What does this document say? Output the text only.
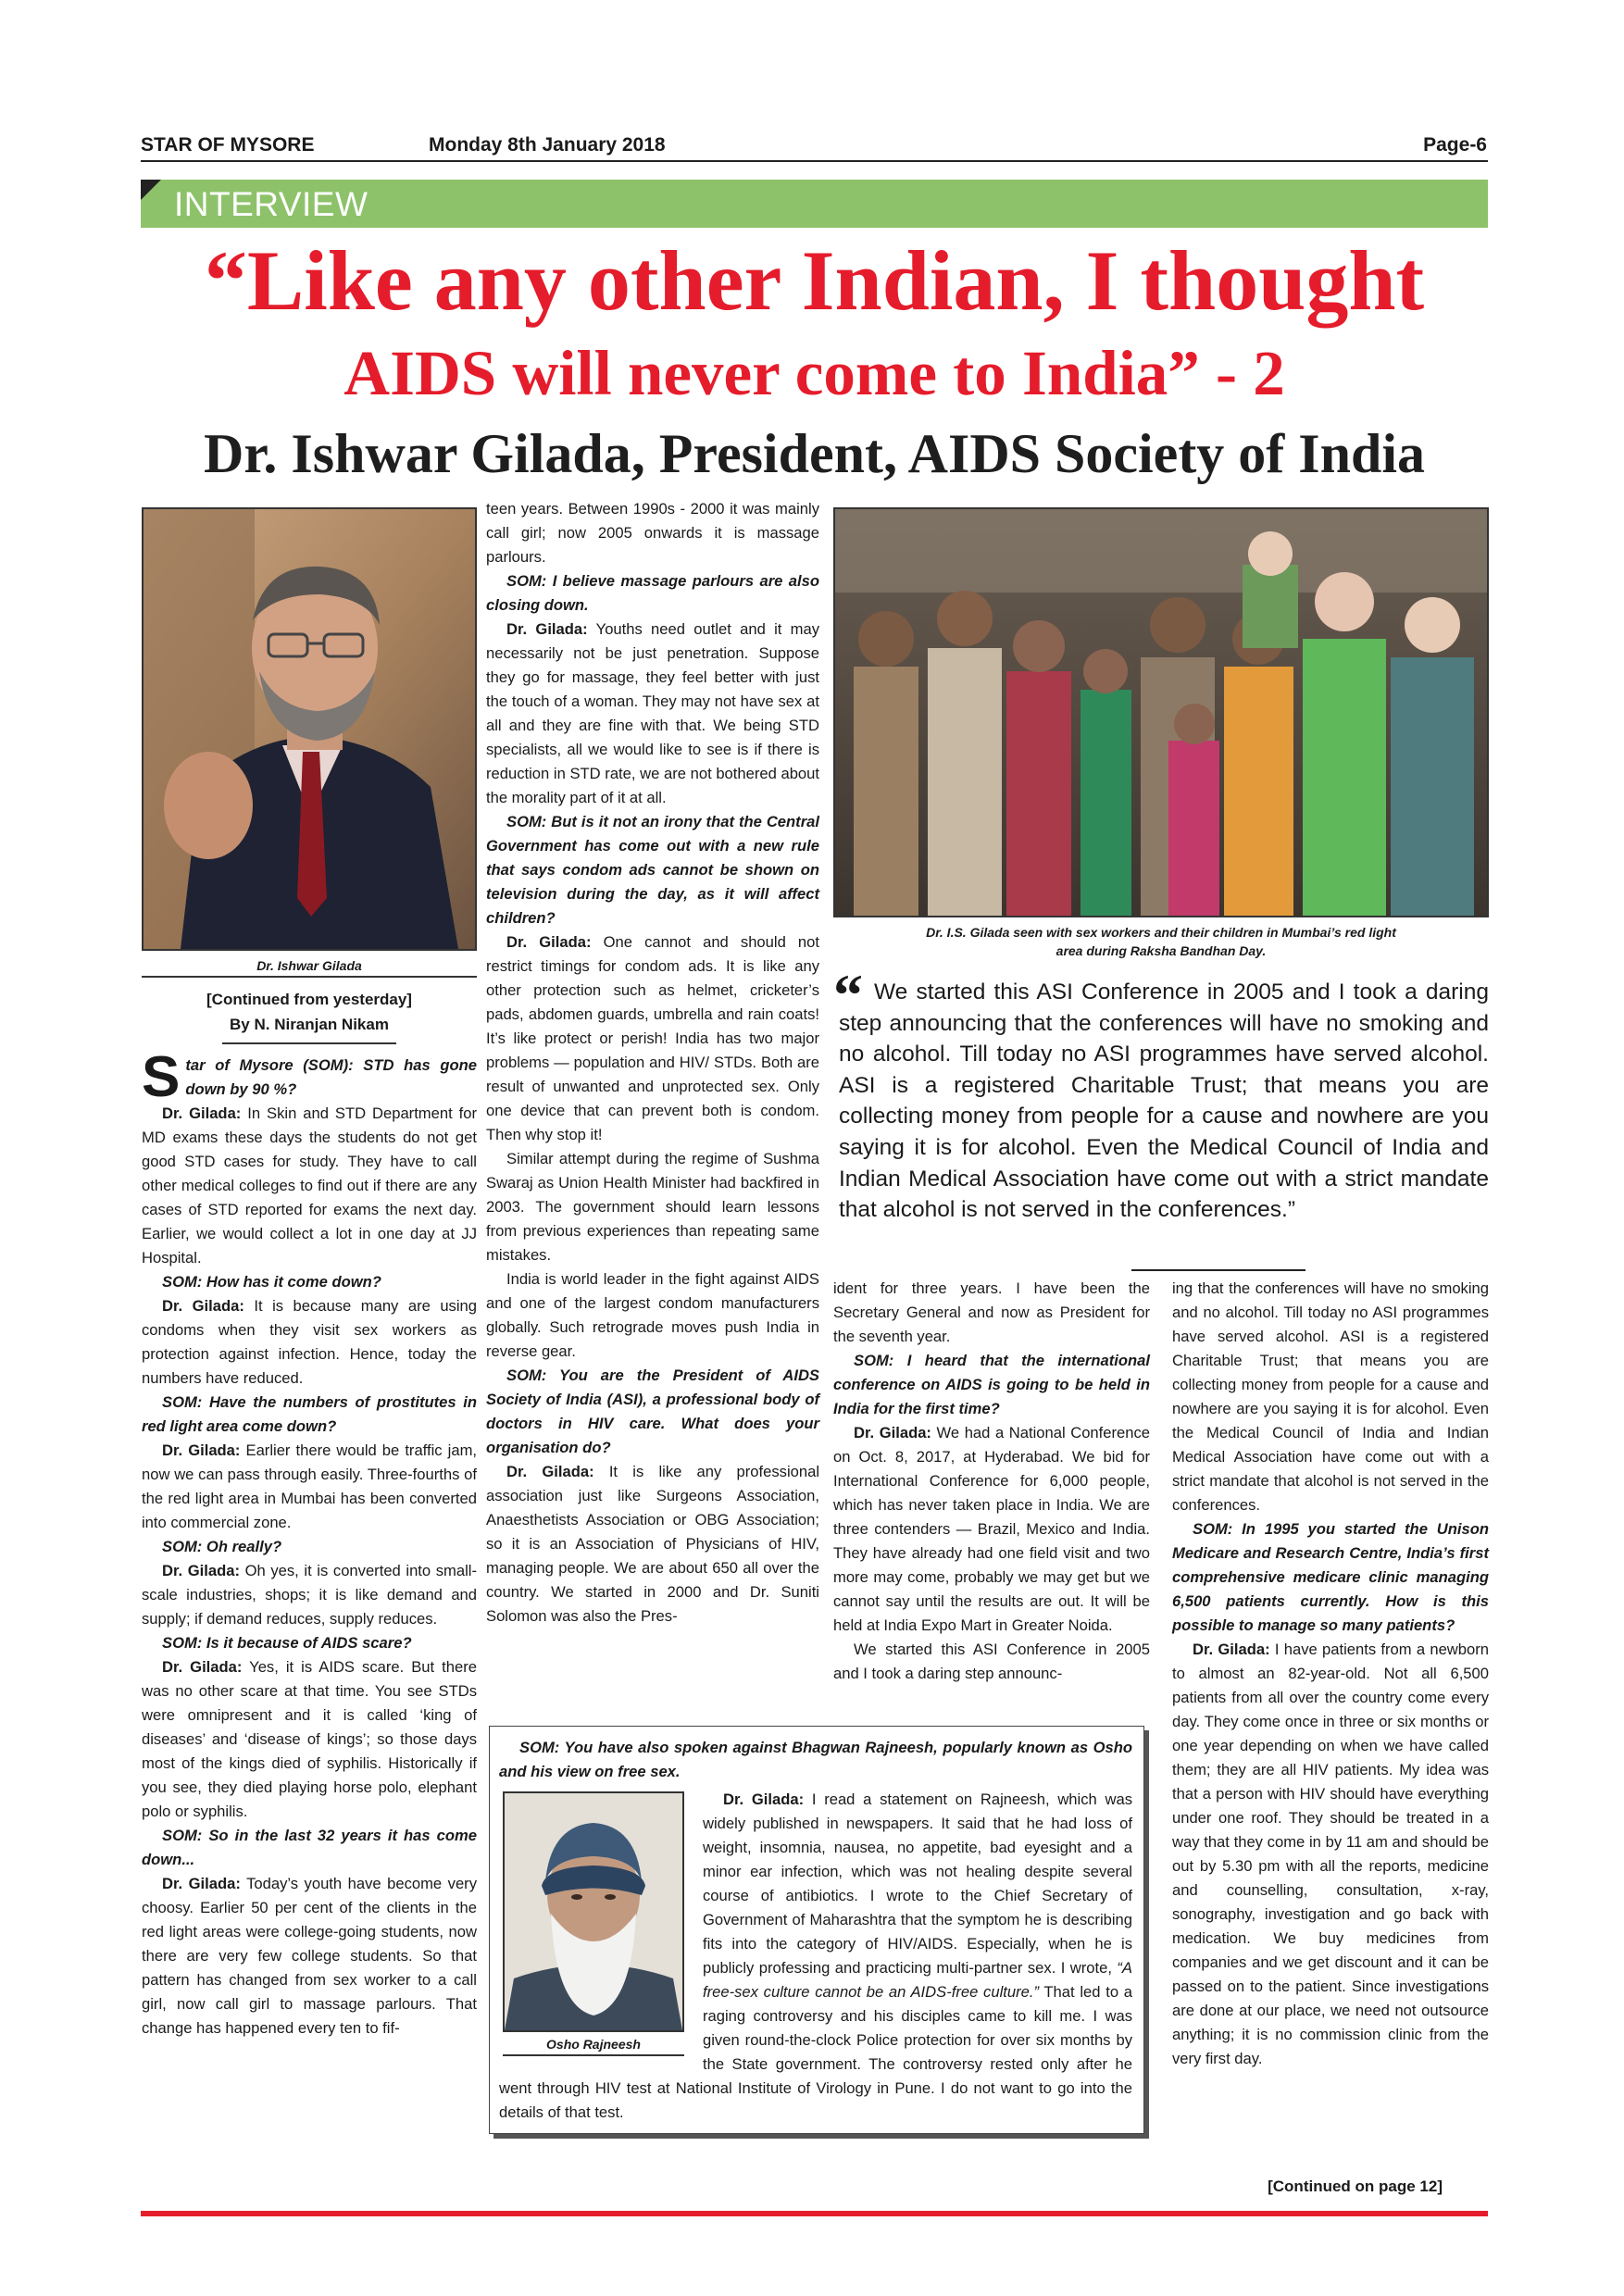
STAR OF MYSORE	Monday 8th January 2018	Page-6
INTERVIEW
“Like any other Indian, I thought
AIDS will never come to India” - 2
Dr. Ishwar Gilada, President, AIDS Society of India
Dr. Ishwar Gilada
[Continued from yesterday]
By N. Niranjan Nikam

Star of Mysore (SOM): STD has gone down by 90 %?

Dr. Gilada: In Skin and STD Department for MD exams these days the students do not get good STD cases for study. They have to call other medical colleges to find out if there are any cases of STD reported for exams the next day. Earlier, we would collect a lot in one day at JJ Hospital.

SOM: How has it come down?

Dr. Gilada: It is because many are using condoms when they visit sex workers as protection against infection. Hence, today the numbers have reduced.

SOM: Have the numbers of prostitutes in red light area come down?

Dr. Gilada: Earlier there would be traffic jam, now we can pass through easily. Three-fourths of the red light area in Mumbai has been converted into commercial zone.

SOM: Oh really?

Dr. Gilada: Oh yes, it is converted into small-scale industries, shops; it is like demand and supply; if demand reduces, supply reduces.

SOM: Is it because of AIDS scare?

Dr. Gilada: Yes, it is AIDS scare. But there was no other scare at that time. You see STDs were omnipresent and it is called ‘king of diseases’ and ‘disease of kings’; so those days most of the kings died of syphilis. Historically if you see, they died playing horse polo, elephant polo or syphilis.

SOM: So in the last 32 years it has come down...

Dr. Gilada: Today’s youth have become very choosy. Earlier 50 per cent of the clients in the red light areas were college-going students, now there are very few college students. So that pattern has changed from sex worker to a call girl, now call girl to massage parlours. That change has happened every ten to fif-

teen years. Between 1990s - 2000 it was mainly call girl; now 2005 onwards it is massage parlours.

SOM: I believe massage parlours are also closing down.

Dr. Gilada: Youths need outlet and it may necessarily not be just penetration. Suppose they go for massage, they feel better with just the touch of a woman. They may not have sex at all and they are fine with that. We being STD specialists, all we would like to see is if there is reduction in STD rate, we are not bothered about the morality part of it at all.

SOM: But is it not an irony that the Central Government has come out with a new rule that says condom ads cannot be shown on television during the day, as it will affect children?

Dr. Gilada: One cannot and should not restrict timings for condom ads. It is like any other protection such as helmet, cricketer’s pads, abdomen guards, umbrella and rain coats! It’s like protect or perish! India has two major problems — population and HIV/ STDs. Both are result of unwanted and unprotected sex. Only one device that can prevent both is condom. Then why stop it!

Similar attempt during the regime of Sushma Swaraj as Union Health Minister had backfired in 2003. The government should learn lessons from previous experiences than repeating same mistakes.

India is world leader in the fight against AIDS and one of the largest condom manufacturers globally. Such retrograde moves push India in reverse gear.

SOM: You are the President of AIDS Society of India (ASI), a professional body of doctors in HIV care. What does your organisation do?

Dr. Gilada: It is like any professional association just like Surgeons Association, Anaesthetists Association or OBG Association; so it is an Association of Physicians of HIV, managing people. We are about 650 all over the country. We started in 2000 and Dr. Suniti Solomon was also the Pres-

Dr. I.S. Gilada seen with sex workers and their children in Mumbai’s red light
area during Raksha Bandhan Day.
“ We started this ASI Conference in 2005 and I took a daring step announcing that the conferences will have no smoking and no alcohol. Till today no ASI programmes have served alcohol. ASI is a registered Charitable Trust; that means you are collecting money from people for a cause and nowhere are you saying it is for alcohol. Even the Medical Council of India and Indian Medical Association have come out with a strict mandate that alcohol is not served in the conferences.”

ident for three years. I have been the Secretary General and now as President for the seventh year.

SOM: I heard that the international conference on AIDS is going to be held in India for the first time?

Dr. Gilada: We had a National Conference on Oct. 8, 2017, at Hyderabad. We bid for International Conference for 6,000 people, which has never taken place in India. We are three contenders — Brazil, Mexico and India. They have already had one field visit and two more may come, probably we may get but we cannot say until the results are out. It will be held at India Expo Mart in Greater Noida.

We started this ASI Conference in 2005 and I took a daring step announc-

ing that the conferences will have no smoking and no alcohol. Till today no ASI programmes have served alcohol. ASI is a registered Charitable Trust; that means you are collecting money from people for a cause and nowhere are you saying it is for alcohol. Even the Medical Council of India and Indian Medical Association have come out with a strict mandate that alcohol is not served in the conferences.

SOM: In 1995 you started the Unison Medicare and Research Centre, India’s first comprehensive medicare clinic managing 6,500 patients currently. How is this possible to manage so many patients?

Dr. Gilada: I have patients from a newborn to almost an 82-year-old. Not all 6,500 patients from all over the country come every day. They come once in three or six months or one year depending on when we have called them; they are all HIV patients. My idea was that a person with HIV should have everything under one roof. They should be treated in a way that they come in by 11 am and should be out by 5.30 pm with all the reports, medicine and counselling, consultation, x-ray, sonography, investigation and go back with medication. We buy medicines from companies and we get discount and it can be passed on to the patient. Since investigations are done at our place, we need not outsource anything; it is no commission clinic from the very first day.

[Continued on page 12]

SOM: You have also spoken against Bhagwan Rajneesh, popularly known as Osho and his view on free sex.

Osho Rajneesh

Dr. Gilada: I read a statement on Rajneesh, which was widely published in newspapers. It said that he had loss of weight, insomnia, nausea, no appetite, bad eyesight and a minor ear infection, which was not healing despite several course of antibiotics. I wrote to the Chief Secretary of Government of Maharashtra that the symptom he is describing fits into the category of HIV/AIDS. Especially, when he is publicly professing and practicing multi-partner sex. I wrote, “A free-sex culture cannot be an AIDS-free culture.” That led to a raging controversy and his disciples came to kill me. I was given round-the-clock Police protection for over six months by the State government. The controversy rested only after he went through HIV test at National Institute of Virology in Pune. I do not want to go into the details of that test.
